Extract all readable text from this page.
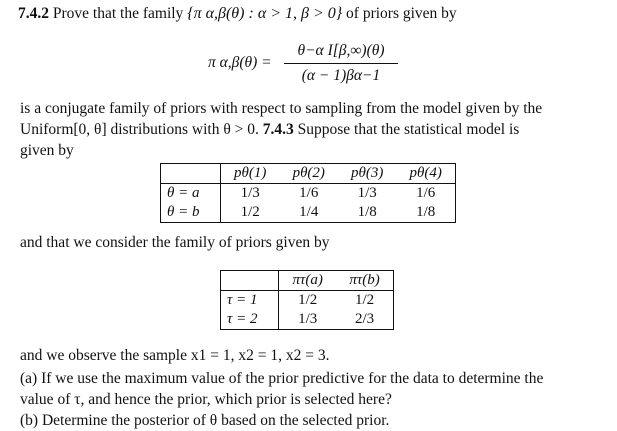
7.4.2 Prove that the family {π α,β(θ) : α > 1, β > 0} of priors given by
π α,β(θ) =
θ−α I[β,∞)(θ)
(α − 1)βα−1
is a conjugate family of priors with respect to sampling from the model given by the
Uniform[0, θ] distributions with θ > 0. 7.4.3 Suppose that the statistical model is
given by
	pθ(1)	pθ(2)	pθ(3)	pθ(4)
θ = a	1/3	1/6	1/3	1/6
θ = b	1/2	1/4	1/8	1/8
and that we consider the family of priors given by
	πτ(a)	πτ(b)
τ = 1	1/2	1/2
τ = 2	1/3	2/3
and we observe the sample x1 = 1, x2 = 1, x2 = 3.
(a) If we use the maximum value of the prior predictive for the data to determine the
value of τ, and hence the prior, which prior is selected here?
(b) Determine the posterior of θ based on the selected prior.
